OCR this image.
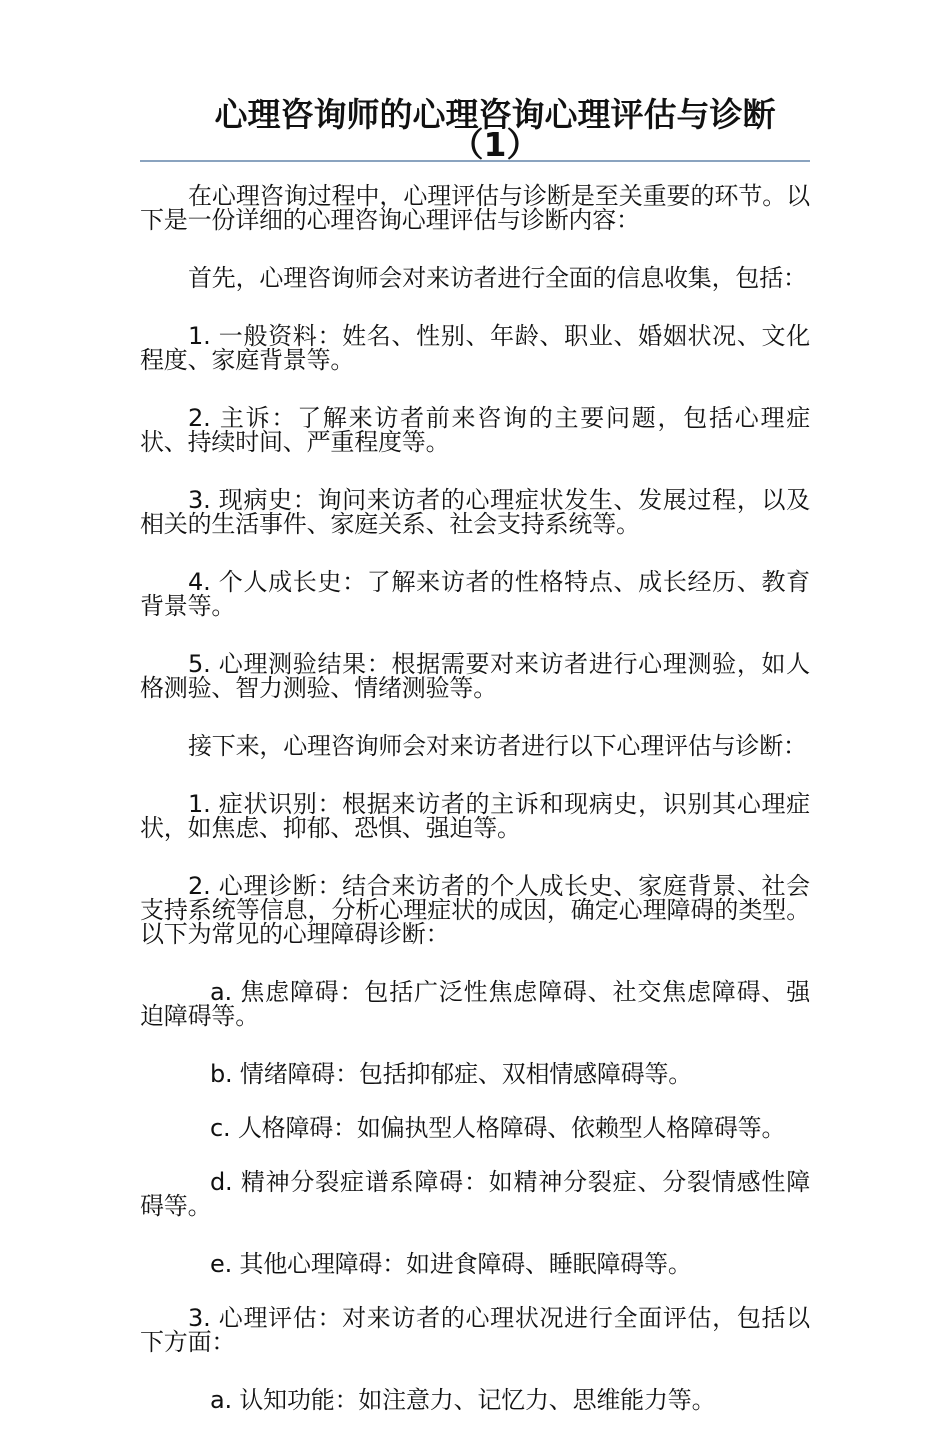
心理咨询师的心理咨询心理评估与诊断（1）

在心理咨询过程中，心理评估与诊断是至关重要的环节。以下是一份详细的心理咨询心理评估与诊断内容：

首先，心理咨询师会对来访者进行全面的信息收集，包括：

1. 一般资料：姓名、性别、年龄、职业、婚姻状况、文化程度、家庭背景等。

2. 主诉：了解来访者前来咨询的主要问题，包括心理症状、持续时间、严重程度等。

3. 现病史：询问来访者的心理症状发生、发展过程，以及相关的生活事件、家庭关系、社会支持系统等。

4. 个人成长史：了解来访者的性格特点、成长经历、教育背景等。

5. 心理测验结果：根据需要对来访者进行心理测验，如人格测验、智力测验、情绪测验等。

接下来，心理咨询师会对来访者进行以下心理评估与诊断：

1. 症状识别：根据来访者的主诉和现病史，识别其心理症状，如焦虑、抑郁、恐惧、强迫等。

2. 心理诊断：结合来访者的个人成长史、家庭背景、社会支持系统等信息，分析心理症状的成因，确定心理障碍的类型。以下为常见的心理障碍诊断：

a. 焦虑障碍：包括广泛性焦虑障碍、社交焦虑障碍、强迫障碍等。

b. 情绪障碍：包括抑郁症、双相情感障碍等。

c. 人格障碍：如偏执型人格障碍、依赖型人格障碍等。

d. 精神分裂症谱系障碍：如精神分裂症、分裂情感性障碍等。

e. 其他心理障碍：如进食障碍、睡眠障碍等。

3. 心理评估：对来访者的心理状况进行全面评估，包括以下方面：

a. 认知功能：如注意力、记忆力、思维能力等。
